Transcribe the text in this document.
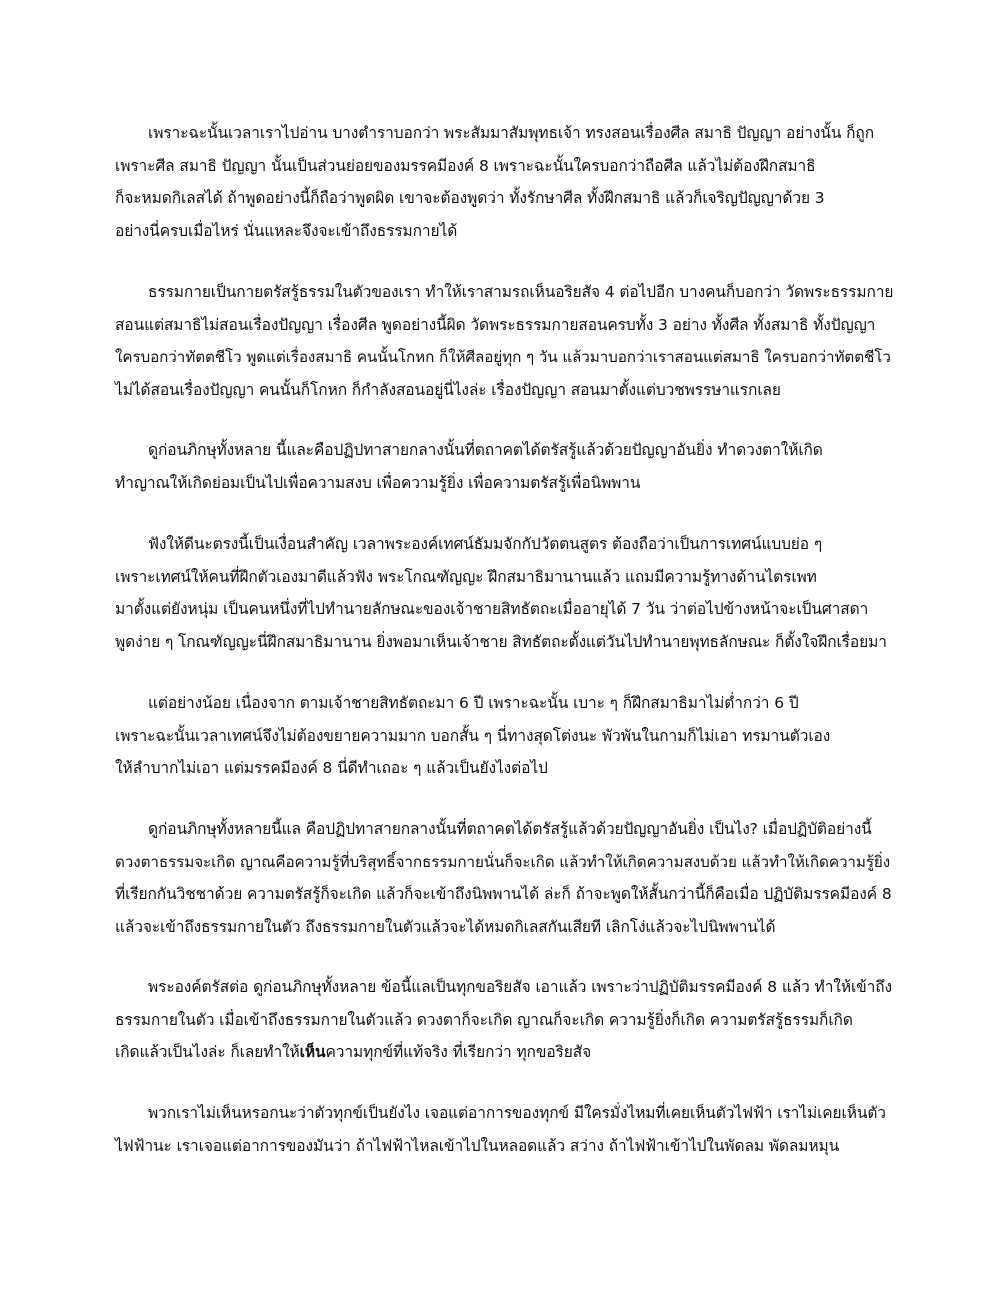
เพราะฉะนั้นเวลาเราไปอ่าน บางตำราบอกว่า พระสัมมาสัมพุทธเจ้า ทรงสอนเรื่องศีล สมาธิ ปัญญา อย่างนั้น ก็ถูก
เพราะศีล สมาธิ ปัญญา นั้นเป็นส่วนย่อยของมรรคมีองค์ 8 เพราะฉะนั้นใครบอกว่าถือศีล แล้วไม่ต้องฝึกสมาธิ
ก็จะหมดกิเลสได้ ถ้าพูดอย่างนี้ก็ถือว่าพูดผิด เขาจะต้องพูดว่า ทั้งรักษาศีล ทั้งฝึกสมาธิ แล้วก็เจริญปัญญาด้วย 3
อย่างนี่ครบเมื่อไหร่ นั่นแหละจึงจะเข้าถึงธรรมกายได้
ธรรมกายเป็นกายตรัสรู้ธรรมในตัวของเรา ทำให้เราสามรถเห็นอริยสัจ 4 ต่อไปอีก บางคนก็บอกว่า วัดพระธรรมกาย
สอนแต่สมาธิไม่สอนเรื่องปัญญา เรื่องศีล พูดอย่างนี้ผิด วัดพระธรรมกายสอนครบทั้ง 3 อย่าง ทั้งศีล ทั้งสมาธิ ทั้งปัญญา
ใครบอกว่าทัตตชีโว พูดแต่เรื่องสมาธิ คนนั้นโกหก ก็ให้ศีลอยู่ทุก ๆ วัน แล้วมาบอกว่าเราสอนแต่สมาธิ ใครบอกว่าทัตตชีโว
ไม่ได้สอนเรื่องปัญญา คนนั้นก็โกหก ก็กำลังสอนอยู่นี่ไงล่ะ เรื่องปัญญา สอนมาตั้งแต่บวชพรรษาแรกเลย
ดูก่อนภิกษุทั้งหลาย นี้และคือปฏิปทาสายกลางนั้นที่ตถาคตได้ตรัสรู้แล้วด้วยปัญญาอันยิ่ง ทำดวงตาให้เกิด
ทำญาณให้เกิดย่อมเป็นไปเพื่อความสงบ เพื่อความรู้ยิ่ง เพื่อความตรัสรู้เพื่อนิพพาน
ฟังให้ดีนะตรงนี้เป็นเงื่อนสำคัญ เวลาพระองค์เทศน์ธัมมจักกัปวัตตนสูตร ต้องถือว่าเป็นการเทศน์แบบย่อ ๆ
เพราะเทศน์ให้คนที่ฝึกตัวเองมาดีแล้วฟัง พระโกณฑัญญะ ฝึกสมาธิมานานแล้ว แถมมีความรู้ทางด้านไตรเพท
มาตั้งแต่ยังหนุ่ม เป็นคนหนึ่งที่ไปทำนายลักษณะของเจ้าชายสิทธัตถะเมื่ออายุได้ 7 วัน ว่าต่อไปข้างหน้าจะเป็นศาสดา
พูดง่าย ๆ โกณฑัญญะนี่ฝึกสมาธิมานาน ยิ่งพอมาเห็นเจ้าชาย สิทธัตถะตั้งแต่วันไปทำนายพุทธลักษณะ ก็ตั้งใจฝึกเรื่อยมา
แต่อย่างน้อย เนื่องจาก ตามเจ้าชายสิทธัตถะมา 6 ปี เพราะฉะนั้น เบาะ ๆ ก็ฝึกสมาธิมาไม่ต่ำกว่า 6 ปี
เพราะฉะนั้นเวลาเทศน์จึงไม่ต้องขยายความมาก บอกสั้น ๆ นี่ทางสุดโต่งนะ พัวพันในกามก็ไม่เอา ทรมานตัวเอง
ให้ลำบากไม่เอา แต่มรรคมีองค์ 8 นี่ดีทำเถอะ ๆ แล้วเป็นยังไงต่อไป
ดูก่อนภิกษุทั้งหลายนี้แล คือปฏิปทาสายกลางนั้นที่ตถาคตได้ตรัสรู้แล้วด้วยปัญญาอันยิ่ง เป็นไง? เมื่อปฏิบัติอย่างนี้
ดวงตาธรรมจะเกิด ญาณคือความรู้ที่บริสุทธิ์จากธรรมกายนั่นก็จะเกิด แล้วทำให้เกิดความสงบด้วย แล้วทำให้เกิดความรู้ยิ่ง
ที่เรียกกันวิชชาด้วย ความตรัสรู้ก็จะเกิด แล้วก็จะเข้าถึงนิพพานได้ ล่ะก็ ถ้าจะพูดให้สั้นกว่านี้ก็คือเมื่อ ปฏิบัติมรรคมีองค์ 8
แล้วจะเข้าถึงธรรมกายในตัว ถึงธรรมกายในตัวแล้วจะได้หมดกิเลสกันเสียที เลิกโง่แล้วจะไปนิพพานได้
พระองค์ตรัสต่อ ดูก่อนภิกษุทั้งหลาย ข้อนี้แลเป็นทุกขอริยสัจ เอาแล้ว เพราะว่าปฏิบัติมรรคมีองค์ 8 แล้ว ทำให้เข้าถึง
ธรรมกายในตัว เมื่อเข้าถึงธรรมกายในตัวแล้ว ดวงตาก็จะเกิด ญาณก็จะเกิด ความรู้ยิ่งก็เกิด ความตรัสรู้ธรรมก็เกิด
เกิดแล้วเป็นไงล่ะ ก็เลยทำให้เห็นความทุกข์ที่แท้จริง ที่เรียกว่า ทุกขอริยสัจ
พวกเราไม่เห็นหรอกนะว่าตัวทุกข์เป็นยังไง เจอแต่อาการของทุกข์ มีใครมั่งไหมที่เคยเห็นตัวไฟฟ้า เราไม่เคยเห็นตัว
ไฟฟ้านะ เราเจอแต่อาการของมันว่า ถ้าไฟฟ้าไหลเข้าไปในหลอดแล้ว สว่าง ถ้าไฟฟ้าเข้าไปในพัดลม พัดลมหมุน
